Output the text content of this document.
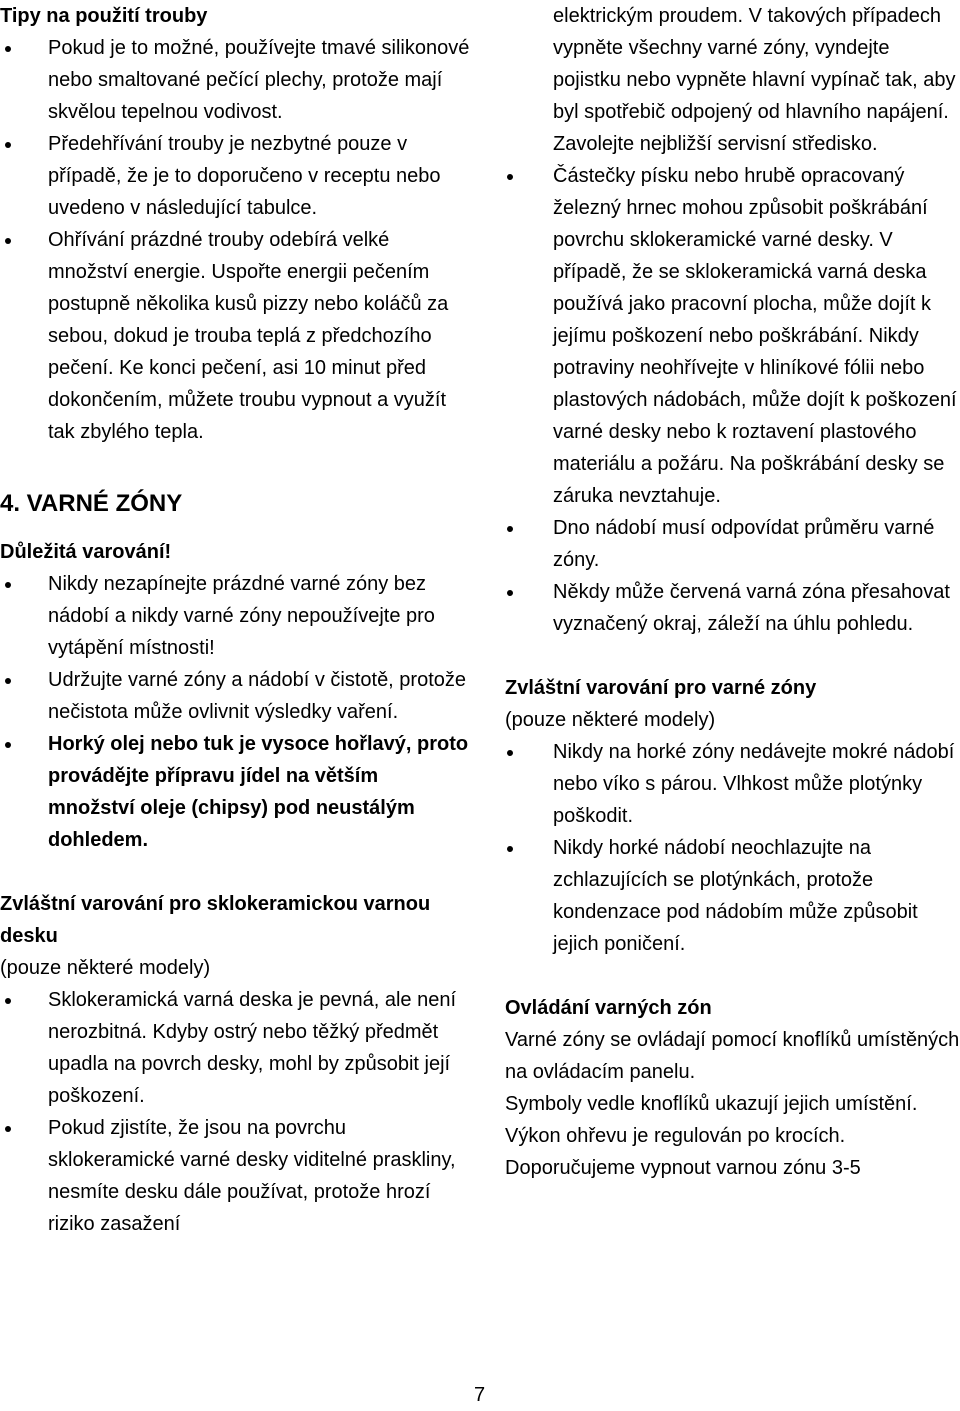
Tipy na použití trouby

Pokud je to možné, používejte tmavé silikonové nebo smaltované pečící plechy, protože mají skvělou tepelnou vodivost.
Předehřívání trouby je nezbytné pouze v případě, že je to doporučeno v receptu nebo uvedeno v následující tabulce.
Ohřívání prázdné trouby odebírá velké množství energie. Uspořte energii pečením postupně několika kusů pizzy nebo koláčů za sebou, dokud je trouba teplá z předchozího pečení. Ke konci pečení, asi 10 minut před dokončením, můžete troubu vypnout a využít tak zbylého tepla.

4. VARNÉ ZÓNY

Důležitá varování!

Nikdy nezapínejte prázdné varné zóny bez nádobí a nikdy varné zóny nepoužívejte pro vytápění místnosti!
Udržujte varné zóny a nádobí v čistotě, protože nečistota může ovlivnit výsledky vaření.
Horký olej nebo tuk je vysoce hořlavý, proto provádějte přípravu jídel na větším množství oleje (chipsy) pod neustálým dohledem.

Zvláštní varování pro sklokeramickou varnou desku

(pouze některé modely)

Sklokeramická varná deska je pevná, ale není nerozbitná. Kdyby ostrý nebo těžký předmět upadla na povrch desky, mohl by způsobit její poškození.
Pokud zjistíte, že jsou na povrchu sklokeramické varné desky viditelné praskliny, nesmíte desku dále používat, protože hrozí riziko zasažení

elektrickým proudem. V takových případech vypněte všechny varné zóny, vyndejte pojistku nebo vypněte hlavní vypínač tak, aby byl spotřebič odpojený od hlavního napájení. Zavolejte nejbližší servisní středisko.

Částečky písku nebo hrubě opracovaný železný hrnec mohou způsobit poškrábání povrchu sklokeramické varné desky. V případě, že se sklokeramická varná deska používá jako pracovní plocha, může dojít k jejímu poškození nebo poškrábání. Nikdy potraviny neohřívejte v hliníkové fólii nebo plastových nádobách, může dojít k poškození varné desky nebo k roztavení plastového materiálu a požáru. Na poškrábání desky se záruka nevztahuje.
Dno nádobí musí odpovídat průměru varné zóny.
Někdy může červená varná zóna přesahovat vyznačený okraj, záleží na úhlu pohledu.

Zvláštní varování pro varné zóny

(pouze některé modely)

Nikdy na horké zóny nedávejte mokré nádobí nebo víko s párou. Vlhkost může plotýnky poškodit.
Nikdy horké nádobí neochlazujte na zchlazujících se plotýnkách, protože kondenzace pod nádobím může způsobit jejich poničení.

Ovládání varných zón

Varné zóny se ovládají pomocí knoflíků umístěných na ovládacím panelu.

Symboly vedle knoflíků ukazují jejich umístění.

Výkon ohřevu je regulován po krocích. Doporučujeme vypnout varnou zónu 3-5

7
